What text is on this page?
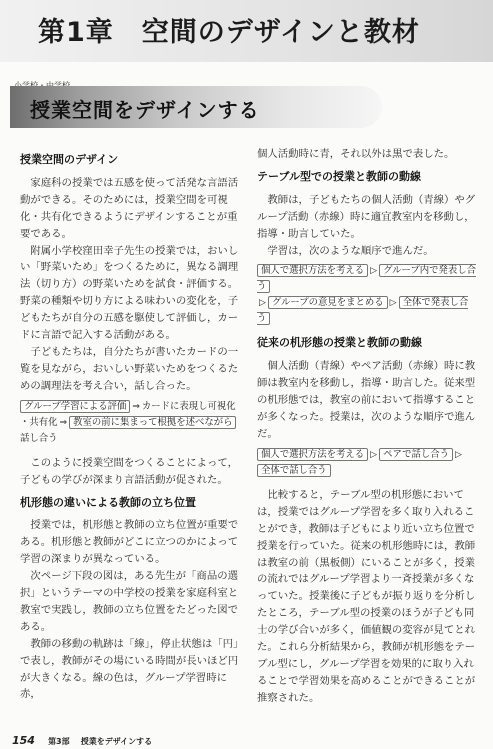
第1章　空間のデザインと教材
授業空間をデザインする
授業空間のデザイン

家庭科の授業では五感を使って活発な言語活動ができる。そのためには，授業空間を可視化・共有化できるようにデザインすることが重要である。

附属小学校窪田幸子先生の授業では，おいしい「野菜いため」をつくるために，異なる調理法（切り方）の野菜いためを試食・評価する。野菜の種類や切り方による味わいの変化を，子どもたちが自分の五感を駆使して評価し，カードに言語で記入する活動がある。

子どもたちは，自分たちが書いたカードの一覧を見ながら，おいしい野菜いためをつくるための調理法を考え合い，話し合った。

グループ学習による評価 ⇒ カードに表現し可視化
・共有化 ⇒ 教室の前に集まって根拠を述べながら
話し合う

このように授業空間をつくることによって，子どもの学びが深まり言語活動が促された。

机形態の違いによる教師の立ち位置

授業では，机形態と教師の立ち位置が重要である。机形態と教師がどこに立つのかによって学習の深まりが異なっている。

次ページ下段の図は，ある先生が「商品の選択」というテーマの中学校の授業を家庭科室と教室で実践し，教師の立ち位置をたどった図である。

教師の移動の軌跡は「線」，停止状態は「円」で表し，教師がその場にいる時間が長いほど円が大きくなる。線の色は，グループ学習時に赤，

個人活動時に青，それ以外は黒で表した。

テーブル型での授業と教師の動線

教師は，子どもたちの個人活動（青線）やグループ活動（赤線）時に適宜教室内を移動し，指導・助言していた。

学習は，次のような順序で進んだ。

個人で選択方法を考える ▷ グループ内で発表し合う
▷ グループの意見をまとめる ▷ 全体で発表し合う
従来の机形態の授業と教師の動線

個人活動（青線）やペア活動（赤線）時に教師は教室内を移動し，指導・助言した。従来型の机形態では，教室の前において指導することが多くなった。授業は，次のような順序で進んだ。

個人で選択方法を考える ▷ ペアで話し合う ▷
全体で話し合う

比較すると，テーブル型の机形態においては，授業ではグループ学習を多く取り入れることができ，教師は子どもにより近い立ち位置で授業を行っていた。従来の机形態時には，教師は教室の前（黒板側）にいることが多く，授業の流れではグループ学習より一斉授業が多くなっていた。授業後に子どもが振り返りを分析したところ，テーブル型の授業のほうが子ども同士の学び合いが多く，価値観の変容が見てとれた。これら分析結果から，教師が机形態をテーブル型にし，グループ学習を効果的に取り入れることで学習効果を高めることができることが推察された。

154 第3部 授業をデザインする
